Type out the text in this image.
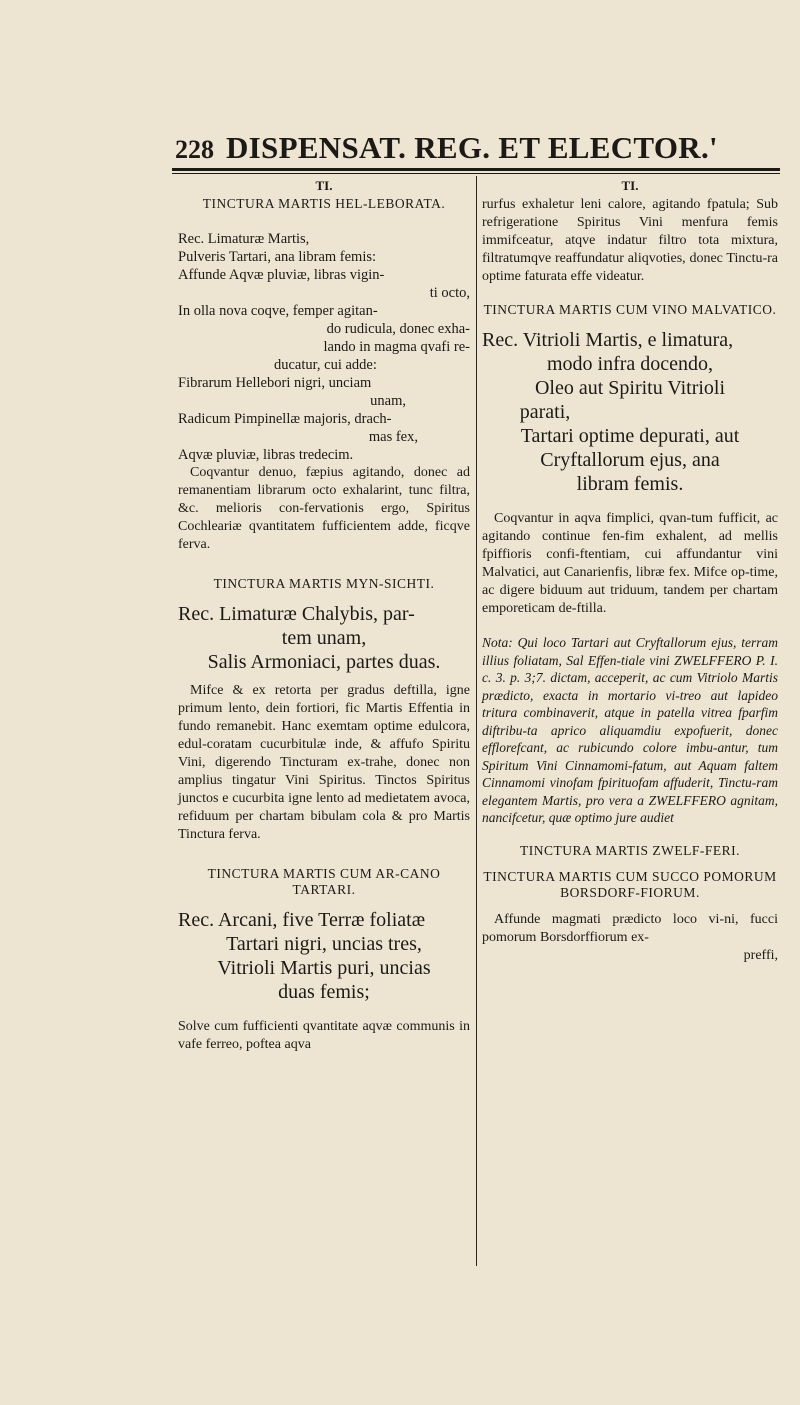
228 DISPENSAT. REG. ET ELECTOR.'
TI.
TINCTURA MARTIS HEL-LEBORATA.
Rec. Limaturæ Martis,
Pulveris Tartari, ana libram femis:
Affunde Aqvæ pluviæ, libras vigin-
ti octo,
In olla nova coqve, femper agitan-
do rudicula, donec exha-
lando in magma qvafi re-
ducatur, cui adde:
Fibrarum Hellebori nigri, unciam
unam,
Radicum Pimpinellæ majoris, drach-
mas fex,
Aqvæ pluviæ, libras tredecim.

Coqvantur denuo, fæpius agitando, donec ad remanentiam librarum octo exhalarint, tunc filtra, &c. melioris con-fervationis ergo, Spiritus Cochleariæ qvantitatem fufficientem adde, ficqve ferva.

TINCTURA MARTIS MYN-SICHTI.
Rec. Limaturæ Chalybis, par-
tem unam,
Salis Armoniaci, partes duas.

Mifce & ex retorta per gradus deftilla, igne primum lento, dein fortiori, fic Martis Effentia in fundo remanebit. Hanc exemtam optime edulcora, edul-coratam cucurbitulæ inde, & affufo Spiritu Vini, digerendo Tincturam ex-trahe, donec non amplius tingatur Vini Spiritus. Tinctos Spiritus junctos e cucurbita igne lento ad medietatem avoca, refiduum per chartam bibulam cola & pro Martis Tinctura ferva.

TINCTURA MARTIS CUM AR-CANO TARTARI.
Rec. Arcani, five Terræ foliatæ
Tartari nigri, uncias tres,
Vitrioli Martis puri, uncias
duas femis;

Solve cum fufficienti qvantitate aqvæ communis in vafe ferreo, poftea aqva

TI.

rurfus exhaletur leni calore, agitando fpatula; Sub refrigeratione Spiritus Vini menfura femis immifceatur, atqve indatur filtro tota mixtura, filtratumqve reaffundatur aliqvoties, donec Tinctu-ra optime faturata effe videatur.

TINCTURA MARTIS CUM VINO MALVATICO.
Rec. Vitrioli Martis, e limatura,
modo infra docendo,
Oleo aut Spiritu Vitrioli
parati,
Tartari optime depurati, aut
Cryftallorum ejus, ana
libram femis.

Coqvantur in aqva fimplici, qvan-tum fufficit, ac agitando continue fen-fim exhalent, ad mellis fpiffioris confi-ftentiam, cui affundantur vini Malvatici, aut Canarienfis, libræ fex. Mifce op-time, ac digere biduum aut triduum, tandem per chartam emporeticam de-ftilla.

Nota: Qui loco Tartari aut Cryftallorum ejus, terram illius foliatam, Sal Effen-tiale vini ZWELFFERO P. I. c. 3. p. 3;7. dictam, acceperit, ac cum Vitriolo Martis prædicto, exacta in mortario vi-treo aut lapideo tritura combinaverit, atque in patella vitrea fparfim diftribu-ta aprico aliquamdiu expofuerit, donec efflorefcant, ac rubicundo colore imbu-antur, tum Spiritum Vini Cinnamomi-fatum, aut Aquam faltem Cinnamomi vinofam fpirituofam affuderit, Tinctu-ram elegantem Martis, pro vera a ZWELFFERO agnitam, nancifcetur, quæ optimo jure audiet

TINCTURA MARTIS ZWELF-FERI.
TINCTURA MARTIS CUM SUCCO POMORUM BORSDORF-FIORUM.

Affunde magmati prædicto loco vi-ni, fucci pomorum Borsdorffiorum ex-

preffi,
